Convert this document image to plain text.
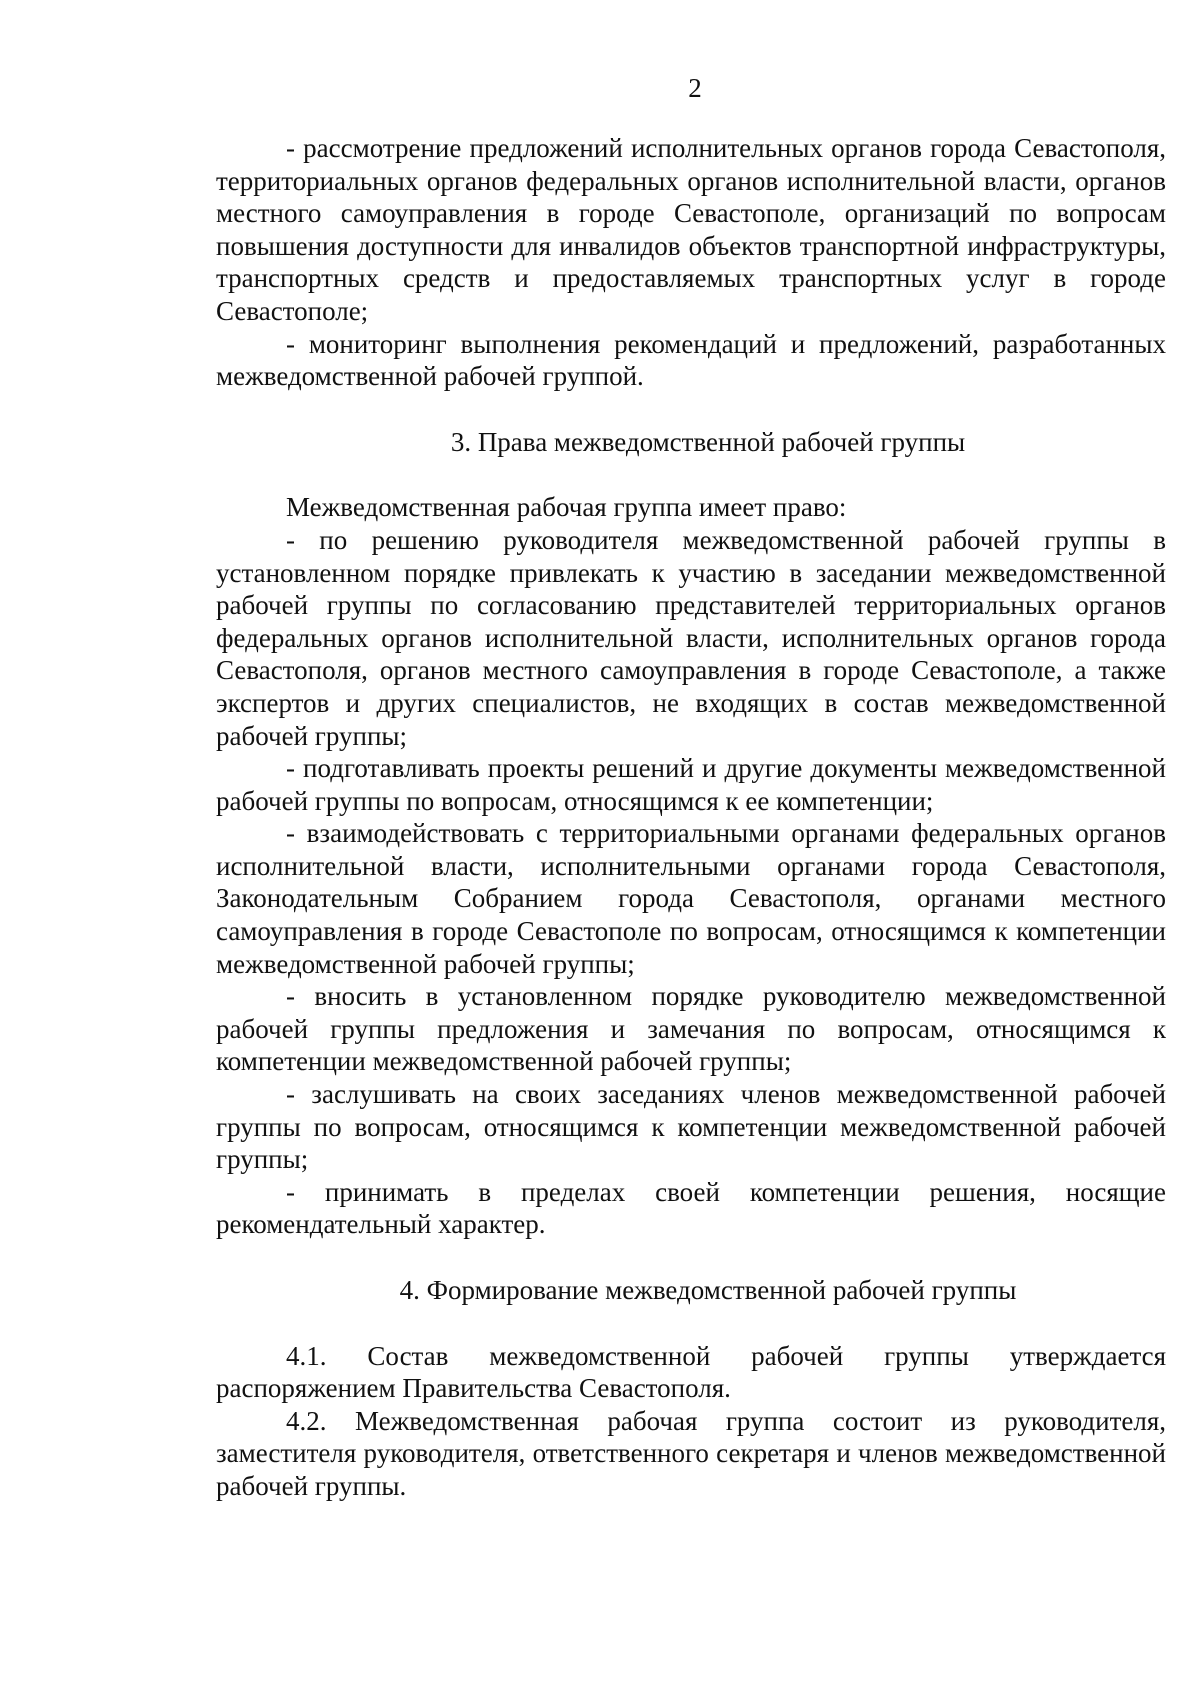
2

- рассмотрение предложений исполнительных органов города Севастополя, территориальных органов федеральных органов исполнительной власти, органов местного самоуправления в городе Севастополе, организаций по вопросам повышения доступности для инвалидов объектов транспортной инфраструктуры, транспортных средств и предоставляемых транспортных услуг в городе Севастополе;

- мониторинг выполнения рекомендаций и предложений, разработанных межведомственной рабочей группой.

3. Права межведомственной рабочей группы

Межведомственная рабочая группа имеет право:

- по решению руководителя межведомственной рабочей группы в установленном порядке привлекать к участию в заседании межведомственной рабочей группы по согласованию представителей территориальных органов федеральных органов исполнительной власти, исполнительных органов города Севастополя, органов местного самоуправления в городе Севастополе, а также экспертов и других специалистов, не входящих в состав межведомственной рабочей группы;

- подготавливать проекты решений и другие документы межведомственной рабочей группы по вопросам, относящимся к ее компетенции;

- взаимодействовать с территориальными органами федеральных органов исполнительной власти, исполнительными органами города Севастополя, Законодательным Собранием города Севастополя, органами местного самоуправления в городе Севастополе по вопросам, относящимся к компетенции межведомственной рабочей группы;

- вносить в установленном порядке руководителю межведомственной рабочей группы предложения и замечания по вопросам, относящимся к компетенции межведомственной рабочей группы;

- заслушивать на своих заседаниях членов межведомственной рабочей группы по вопросам, относящимся к компетенции межведомственной рабочей группы;

- принимать в пределах своей компетенции решения, носящие рекомендательный характер.

4. Формирование межведомственной рабочей группы

4.1. Состав межведомственной рабочей группы утверждается распоряжением Правительства Севастополя.

4.2. Межведомственная рабочая группа состоит из руководителя, заместителя руководителя, ответственного секретаря и членов межведомственной рабочей группы.
